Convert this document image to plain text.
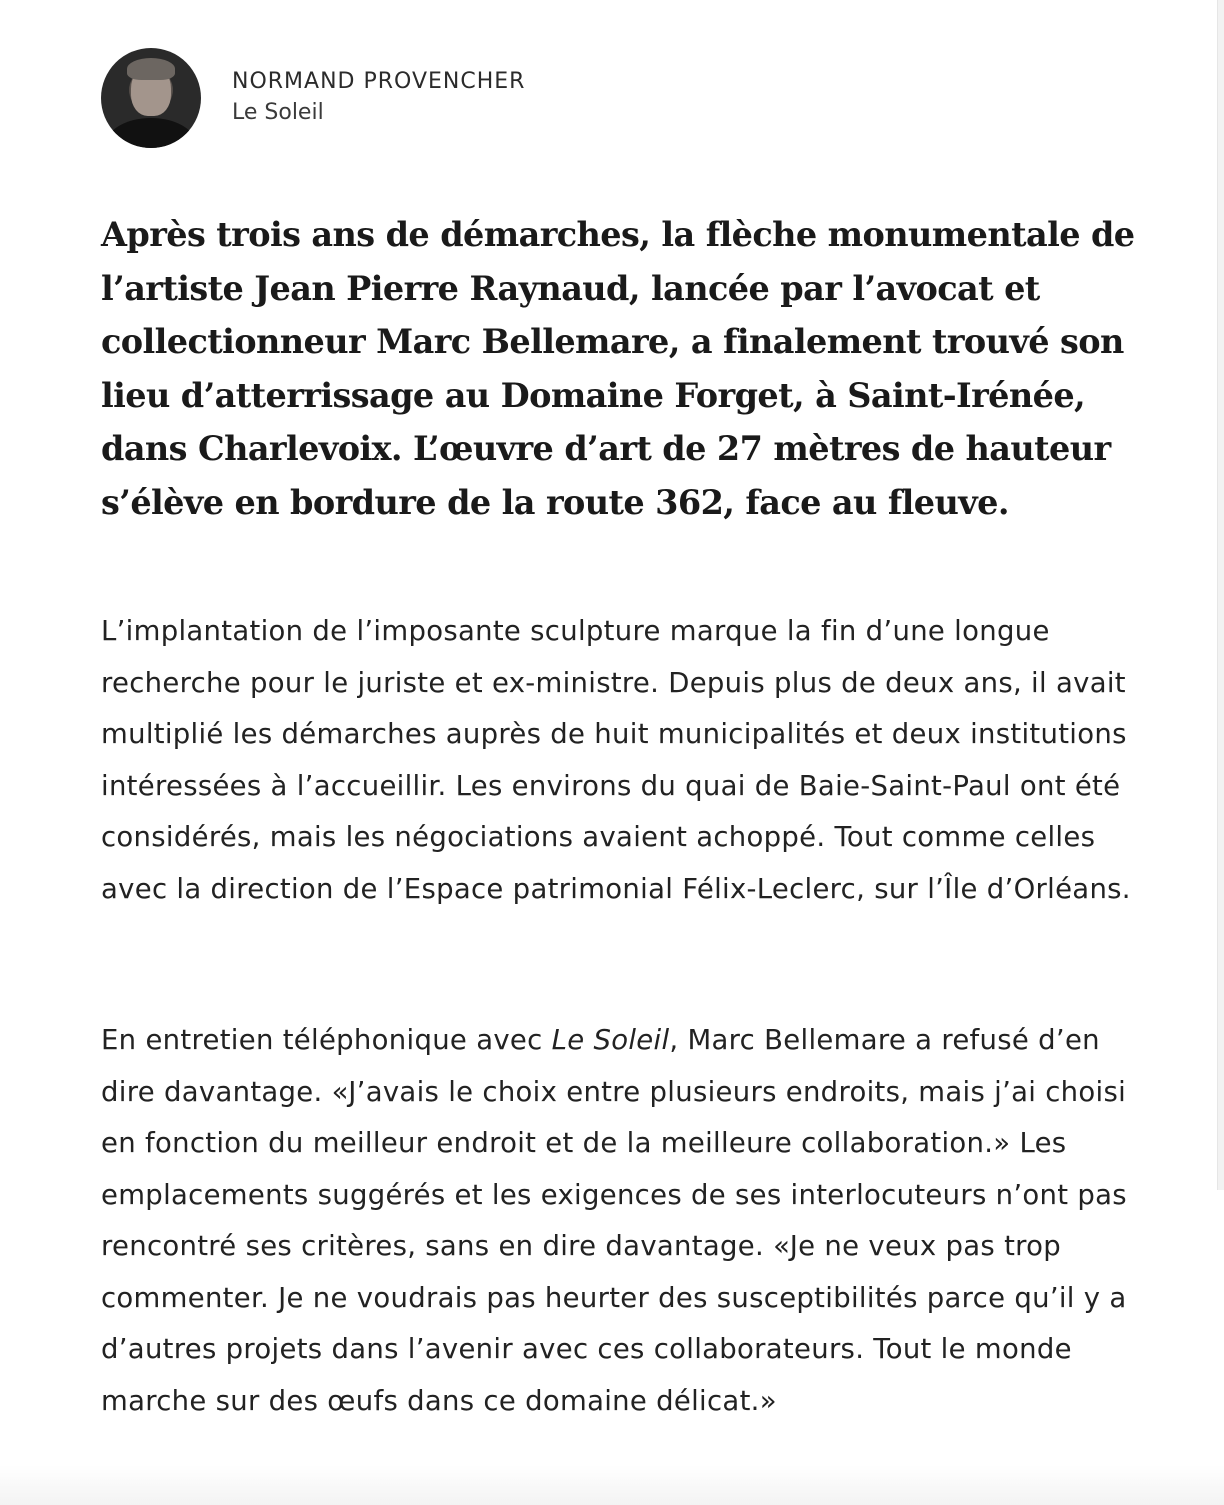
NORMAND PROVENCHER
Le Soleil

Après trois ans de démarches, la flèche monumentale de l’artiste Jean Pierre Raynaud, lancée par l’avocat et collectionneur Marc Bellemare, a finalement trouvé son lieu d’atterrissage au Domaine Forget, à Saint-Irénée, dans Charlevoix. L’œuvre d’art de 27 mètres de hauteur s’élève en bordure de la route 362, face au fleuve.

L’implantation de l’imposante sculpture marque la fin d’une longue recherche pour le juriste et ex-ministre. Depuis plus de deux ans, il avait multiplié les démarches auprès de huit municipalités et deux institutions intéressées à l’accueillir. Les environs du quai de Baie-Saint-Paul ont été considérés, mais les négociations avaient achoppé. Tout comme celles avec la direction de l’Espace patrimonial Félix-Leclerc, sur l’Île d’Orléans.

En entretien téléphonique avec Le Soleil, Marc Bellemare a refusé d’en dire davantage. «J’avais le choix entre plusieurs endroits, mais j’ai choisi en fonction du meilleur endroit et de la meilleure collaboration.» Les emplacements suggérés et les exigences de ses interlocuteurs n’ont pas rencontré ses critères, sans en dire davantage. «Je ne veux pas trop commenter. Je ne voudrais pas heurter des susceptibilités parce qu’il y a d’autres projets dans l’avenir avec ces collaborateurs. Tout le monde marche sur des œufs dans ce domaine délicat.»
